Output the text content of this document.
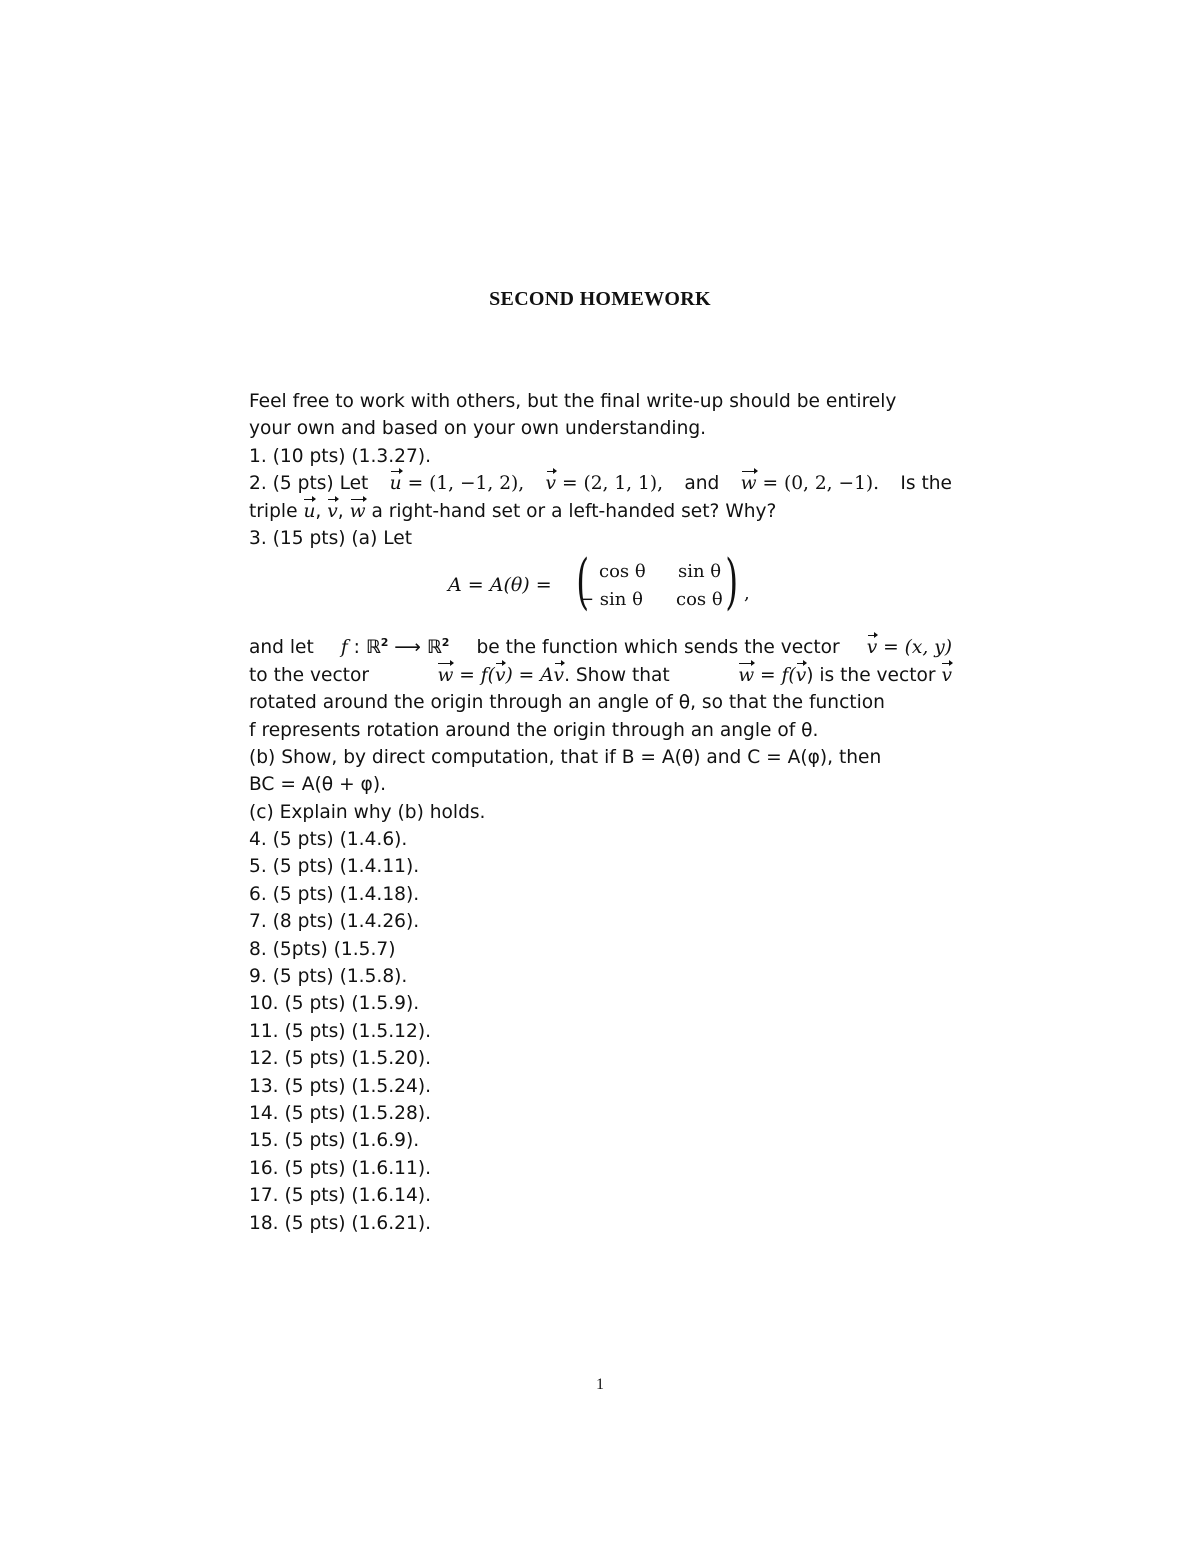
SECOND HOMEWORK
Feel free to work with others, but the final write-up should be entirely
your own and based on your own understanding.
1. (10 pts) (1.3.27).
2. (5 pts) Let u = (1, −1, 2), v = (2, 1, 1), and w = (0, 2, −1). Is the
triple u, v, w a right-hand set or a left-handed set? Why?
3. (15 pts) (a) Let
A = A(θ) = ( )
cos θ sin θ
− sin θ cos θ ,
and let f : ℝ$^2$ ⟶ ℝ$^2$ be the function which sends the vector v = (x, y)
to the vector	w = f(v) = Av. Show that	w = f(v) is the vector v
rotated around the origin through an angle of θ, so that the function
f represents rotation around the origin through an angle of θ.
(b) Show, by direct computation, that if B = A(θ) and C = A(φ), then
BC = A(θ + φ).
(c) Explain why (b) holds.
4. (5 pts) (1.4.6).
5. (5 pts) (1.4.11).
6. (5 pts) (1.4.18).
7. (8 pts) (1.4.26).
8. (5pts) (1.5.7)
9. (5 pts) (1.5.8).
10. (5 pts) (1.5.9).
11. (5 pts) (1.5.12).
12. (5 pts) (1.5.20).
13. (5 pts) (1.5.24).
14. (5 pts) (1.5.28).
15. (5 pts) (1.6.9).
16. (5 pts) (1.6.11).
17. (5 pts) (1.6.14).
18. (5 pts) (1.6.21).
1
